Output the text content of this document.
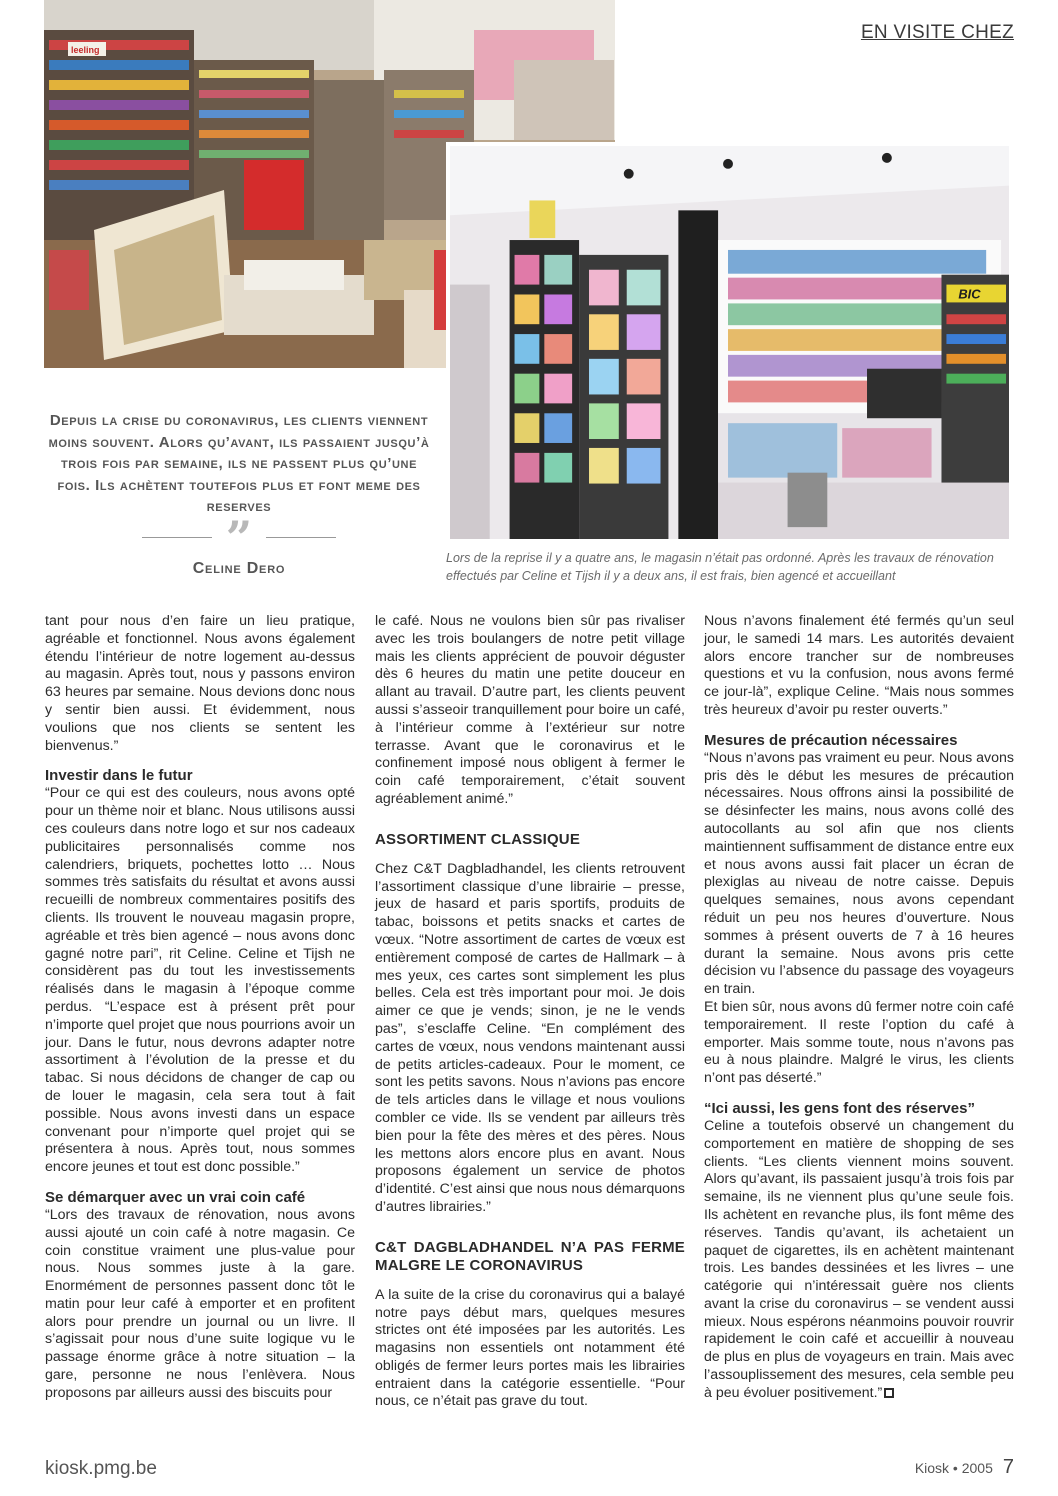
EN VISITE CHEZ
leeling
BIC
Depuis la crise du coronavirus, les clients viennent moins souvent. Alors qu’avant, ils passaient jusqu’à trois fois par semaine, ils ne passent plus qu’une fois. Ils achètent toutefois plus et font meme des reserves
”
Celine Dero
Lors de la reprise il y a quatre ans, le magasin n’était pas ordonné. Après les travaux de rénovation effectués par Celine et Tijsh il y a deux ans, il est frais, bien agencé et accueillant

tant pour nous d’en faire un lieu pratique, agréable et fonctionnel. Nous avons également étendu l’intérieur de notre logement au-dessus au magasin. Après tout, nous y passons environ 63 heures par semaine. Nous devions donc nous y sentir bien aussi. Et évidemment, nous voulions que nos clients se sentent les bienvenus.”

Investir dans le futur

“Pour ce qui est des couleurs, nous avons opté pour un thème noir et blanc. Nous utilisons aussi ces couleurs dans notre logo et sur nos cadeaux publicitaires personnalisés comme nos calendriers, briquets, pochettes lotto … Nous sommes très satisfaits du résultat et avons aussi recueilli de nombreux commentaires positifs des clients. Ils trouvent le nouveau magasin propre, agréable et très bien agencé – nous avons donc gagné notre pari”, rit Celine. Celine et Tijsh ne considèrent pas du tout les investissements réalisés dans le magasin à l’époque comme perdus. “L’espace est à présent prêt pour n’importe quel projet que nous pourrions avoir un jour. Dans le futur, nous devrons adapter notre assortiment à l’évolution de la presse et du tabac. Si nous décidons de changer de cap ou de louer le magasin, cela sera tout à fait possible. Nous avons investi dans un espace convenant pour n’importe quel projet qui se présentera à nous. Après tout, nous sommes encore jeunes et tout est donc possible.”

Se démarquer avec un vrai coin café

“Lors des travaux de rénovation, nous avons aussi ajouté un coin café à notre magasin. Ce coin constitue vraiment une plus-value pour nous. Nous sommes juste à la gare. Enormément de personnes passent donc tôt le matin pour leur café à emporter et en profitent alors pour prendre un journal ou un livre. Il s’agissait pour nous d’une suite logique vu le passage énorme grâce à notre situation – la gare, personne ne nous l’enlèvera. Nous proposons par ailleurs aussi des biscuits pour

le café. Nous ne voulons bien sûr pas rivaliser avec les trois boulangers de notre petit village mais les clients apprécient de pouvoir déguster dès 6 heures du matin une petite douceur en allant au travail. D’autre part, les clients peuvent aussi s’asseoir tranquillement pour boire un café, à l’intérieur comme à l’extérieur sur notre terrasse. Avant que le coronavirus et le confinement imposé nous obligent à fermer le coin café temporairement, c’était souvent agréablement animé.”

ASSORTIMENT CLASSIQUE

Chez C&T Dagbladhandel, les clients retrouvent l’assortiment classique d’une librairie – presse, jeux de hasard et paris sportifs, produits de tabac, boissons et petits snacks et cartes de vœux. “Notre assortiment de cartes de vœux est entièrement composé de cartes de Hallmark – à mes yeux, ces cartes sont simplement les plus belles. Cela est très important pour moi. Je dois aimer ce que je vends; sinon, je ne le vends pas”, s’esclaffe Celine. “En complément des cartes de vœux, nous vendons maintenant aussi de petits articles-cadeaux. Pour le moment, ce sont les petits savons. Nous n’avions pas encore de tels articles dans le village et nous voulions combler ce vide. Ils se vendent par ailleurs très bien pour la fête des mères et des pères. Nous les mettons alors encore plus en avant. Nous proposons également un service de photos d’identité. C’est ainsi que nous nous démarquons d’autres librairies.”

C&T DAGBLADHANDEL N’A PAS FERME MALGRE LE CORONAVIRUS

A la suite de la crise du coronavirus qui a balayé notre pays début mars, quelques mesures strictes ont été imposées par les autorités. Les magasins non essentiels ont notamment été obligés de fermer leurs portes mais les librairies entraient dans la catégorie essentielle. “Pour nous, ce n’était pas grave du tout.

Nous n’avons finalement été fermés qu’un seul jour, le samedi 14 mars. Les autorités devaient alors encore trancher sur de nombreuses questions et vu la confusion, nous avons fermé ce jour-là”, explique Celine. “Mais nous sommes très heureux d’avoir pu rester ouverts.”

Mesures de précaution nécessaires

“Nous n’avons pas vraiment eu peur. Nous avons pris dès le début les mesures de précaution nécessaires. Nous offrons ainsi la possibilité de se désinfecter les mains, nous avons collé des autocollants au sol afin que nos clients maintiennent suffisamment de distance entre eux et nous avons aussi fait placer un écran de plexiglas au niveau de notre caisse. Depuis quelques semaines, nous avons cependant réduit un peu nos heures d’ouverture. Nous sommes à présent ouverts de 7 à 16 heures durant la semaine. Nous avons pris cette décision vu l’absence du passage des voyageurs en train.

Et bien sûr, nous avons dû fermer notre coin café temporairement. Il reste l’option du café à emporter. Mais somme toute, nous n’avons pas eu à nous plaindre. Malgré le virus, les clients n’ont pas déserté.”

“Ici aussi, les gens font des réserves”

Celine a toutefois observé un changement du comportement en matière de shopping de ses clients. “Les clients viennent moins souvent. Alors qu’avant, ils passaient jusqu’à trois fois par semaine, ils ne viennent plus qu’une seule fois. Ils achètent en revanche plus, ils font même des réserves. Tandis qu’avant, ils achetaient un paquet de cigarettes, ils en achètent maintenant trois. Les bandes dessinées et les livres – une catégorie qui n’intéressait guère nos clients avant la crise du coronavirus – se vendent aussi mieux. Nous espérons néanmoins pouvoir rouvrir rapidement le coin café et accueillir à nouveau de plus en plus de voyageurs en train. Mais avec l’assouplissement des mesures, cela semble peu à peu évoluer positivement.”

kiosk.pmg.be	Kiosk • 2005 7
